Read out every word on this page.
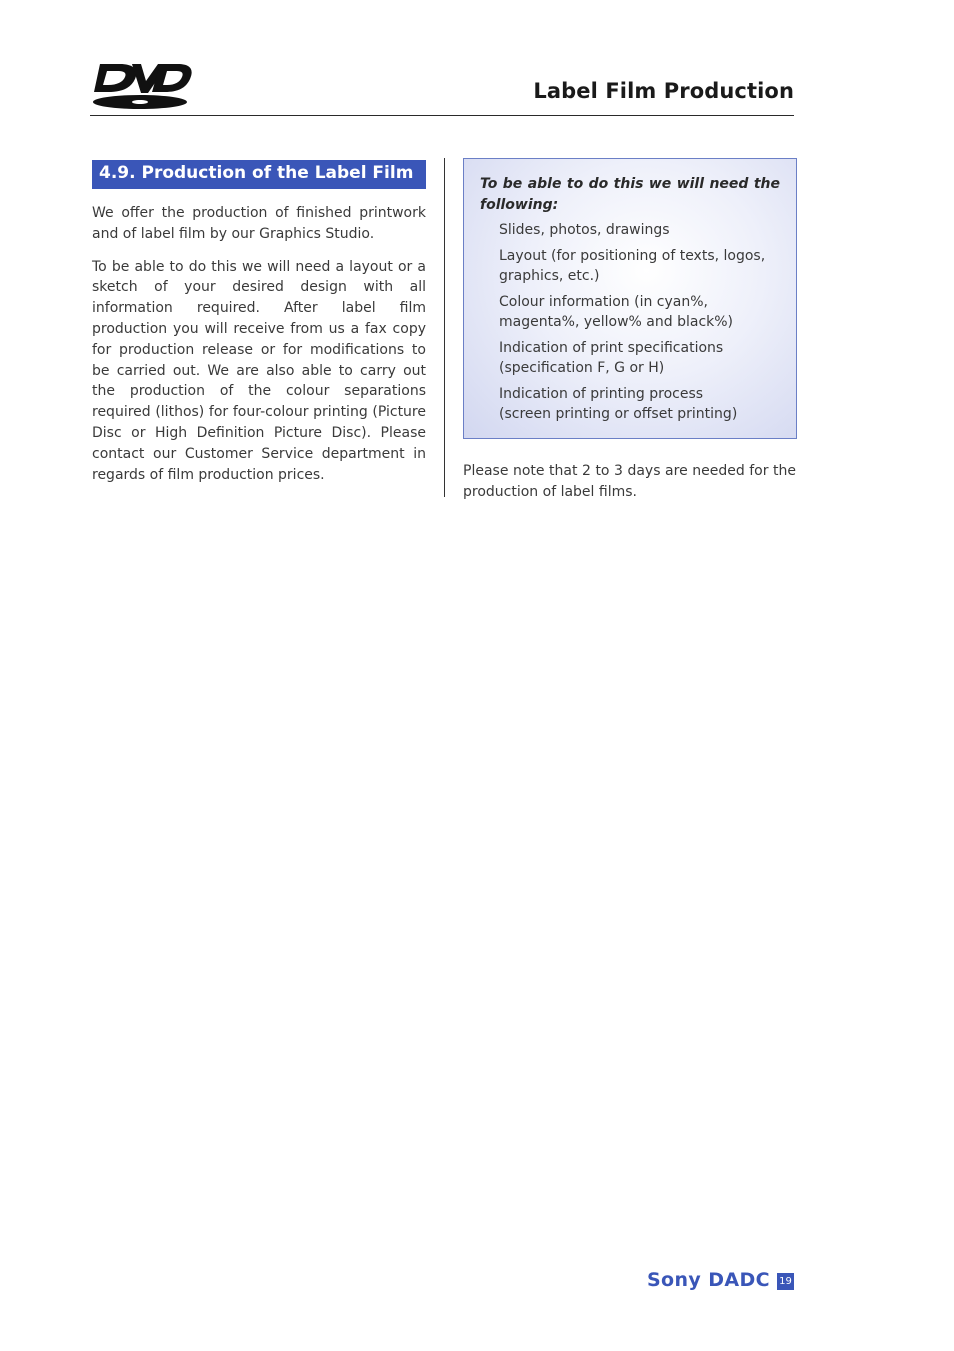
Label Film Production
4.9. Production of the Label Film

We offer the production of finished printwork and of label film by our Graphics Studio.

To be able to do this we will need a layout or a sketch of your desired design with all information required. After label film production you will receive from us a fax copy for production release or for modifications to be carried out. We are also able to carry out the production of the colour separations required (lithos) for four-colour printing (Picture Disc or High Definition Picture Disc). Please contact our Customer Service department in regards of film production prices.

To be able to do this we will need the following:

Slides, photos, drawings
Layout (for positioning of texts, logos,
graphics, etc.)
Colour information (in cyan%,
magenta%, yellow% and black%)
Indication of print specifications
(specification F, G or H)
Indication of printing process
(screen printing or offset printing)

Please note that 2 to 3 days are needed for the production of label films.

Sony DADC 19
